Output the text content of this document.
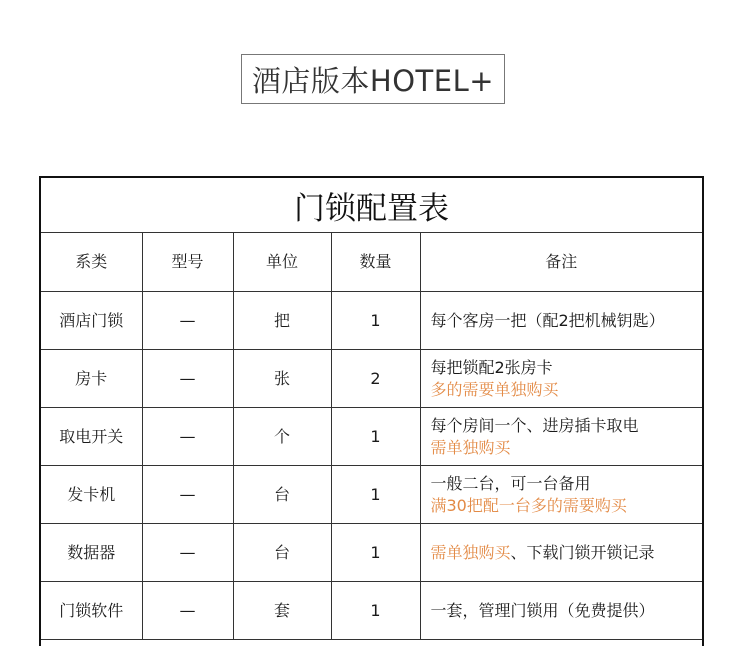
酒店版本HOTEL+
门锁配置表
系类	型号	单位	数量	备注
酒店门锁	—	把	1	每个客房一把（配2把机械钥匙）

房卡	—	张	2	每把锁配2张房卡
多的需要单独购买

取电开关	—	个	1	每个房间一个、进房插卡取电
需单独购买

发卡机	—	台	1	一般二台，可一台备用
满30把配一台多的需要购买

数据器	—	台	1	需单独购买、下载门锁开锁记录
门锁软件	—	套	1	一套，管理门锁用（免费提供）
